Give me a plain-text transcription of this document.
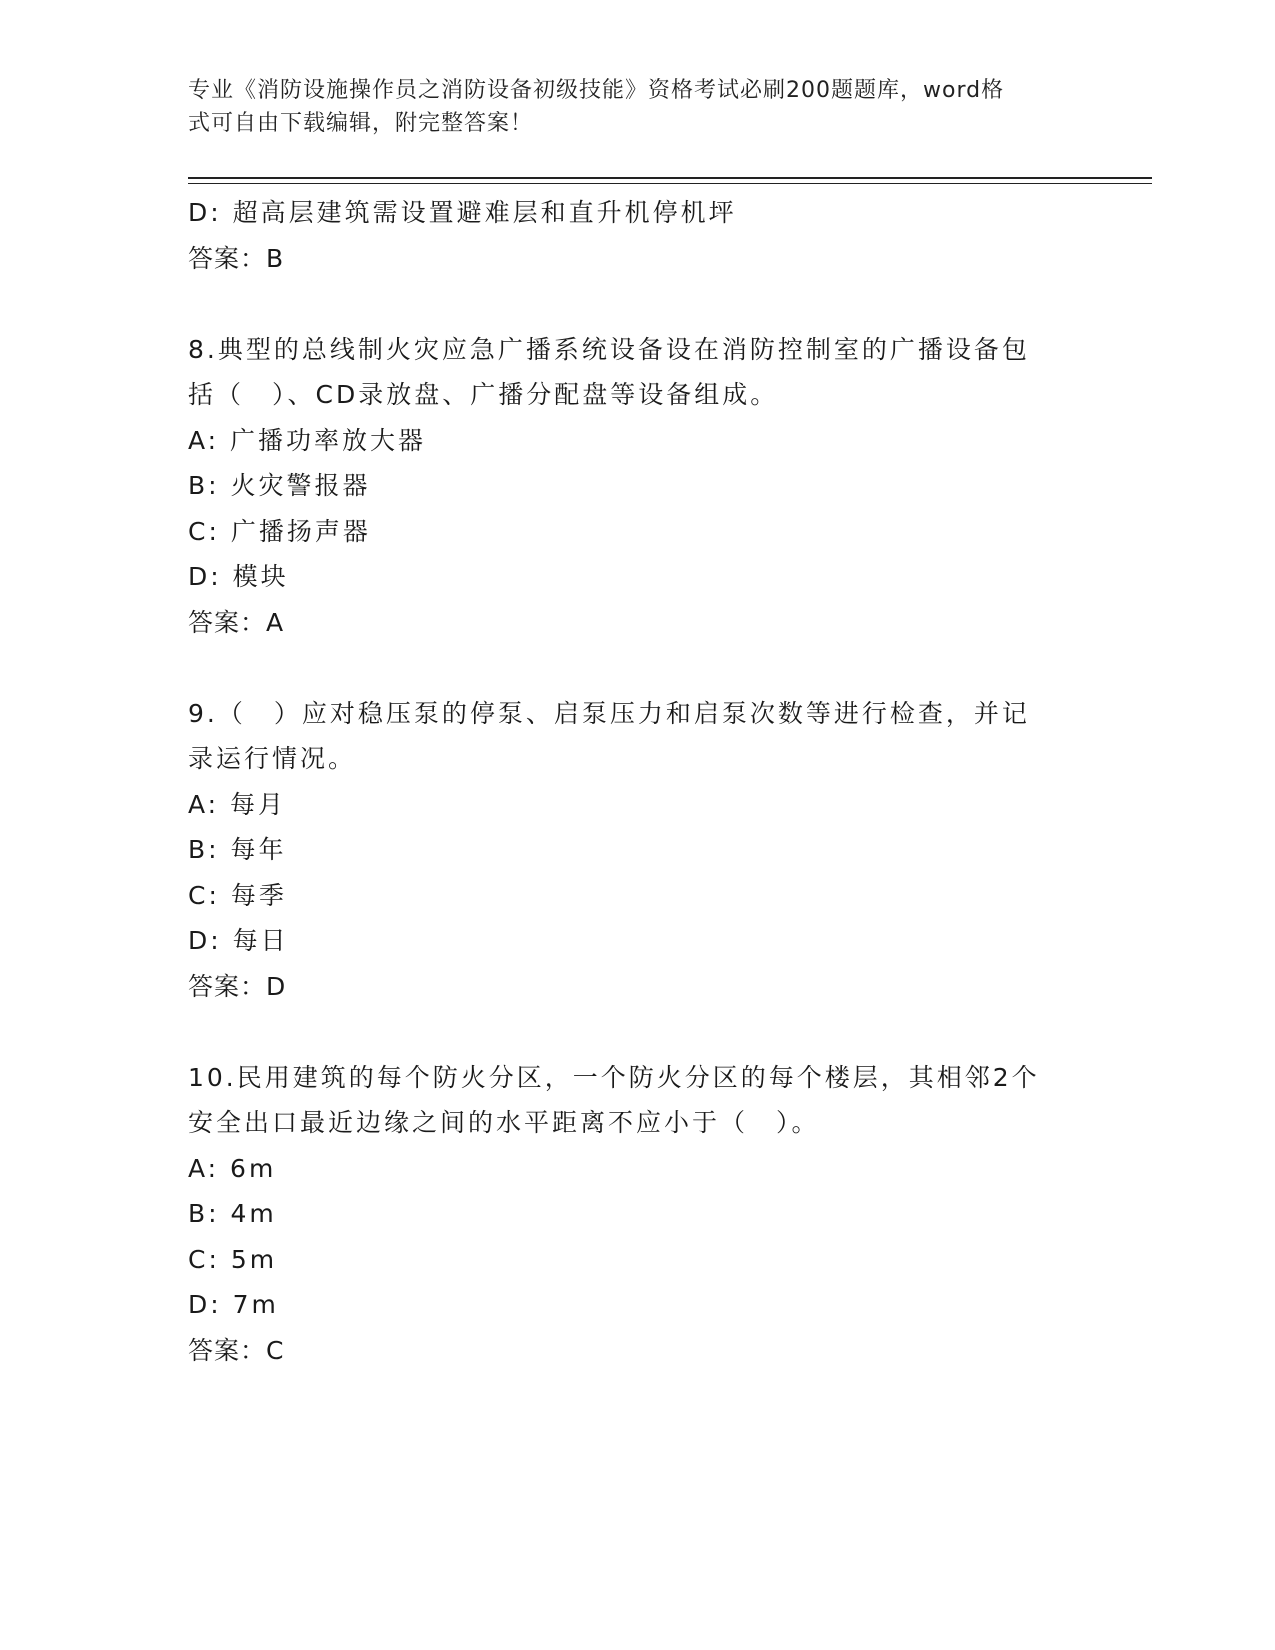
专业《消防设施操作员之消防设备初级技能》资格考试必刷200题题库，word格
式可自由下载编辑，附完整答案！
D: 超高层建筑需设置避难层和直升机停机坪
答案：B
8.典型的总线制火灾应急广播系统设备设在消防控制室的广播设备包
括（　）、CD录放盘、广播分配盘等设备组成。
A: 广播功率放大器
B: 火灾警报器
C: 广播扬声器
D: 模块
答案：A
9.（　）应对稳压泵的停泵、启泵压力和启泵次数等进行检查，并记
录运行情况。
A: 每月
B: 每年
C: 每季
D: 每日
答案：D
10.民用建筑的每个防火分区，一个防火分区的每个楼层，其相邻2个
安全出口最近边缘之间的水平距离不应小于（　）。
A: 6m
B: 4m
C: 5m
D: 7m
答案：C
